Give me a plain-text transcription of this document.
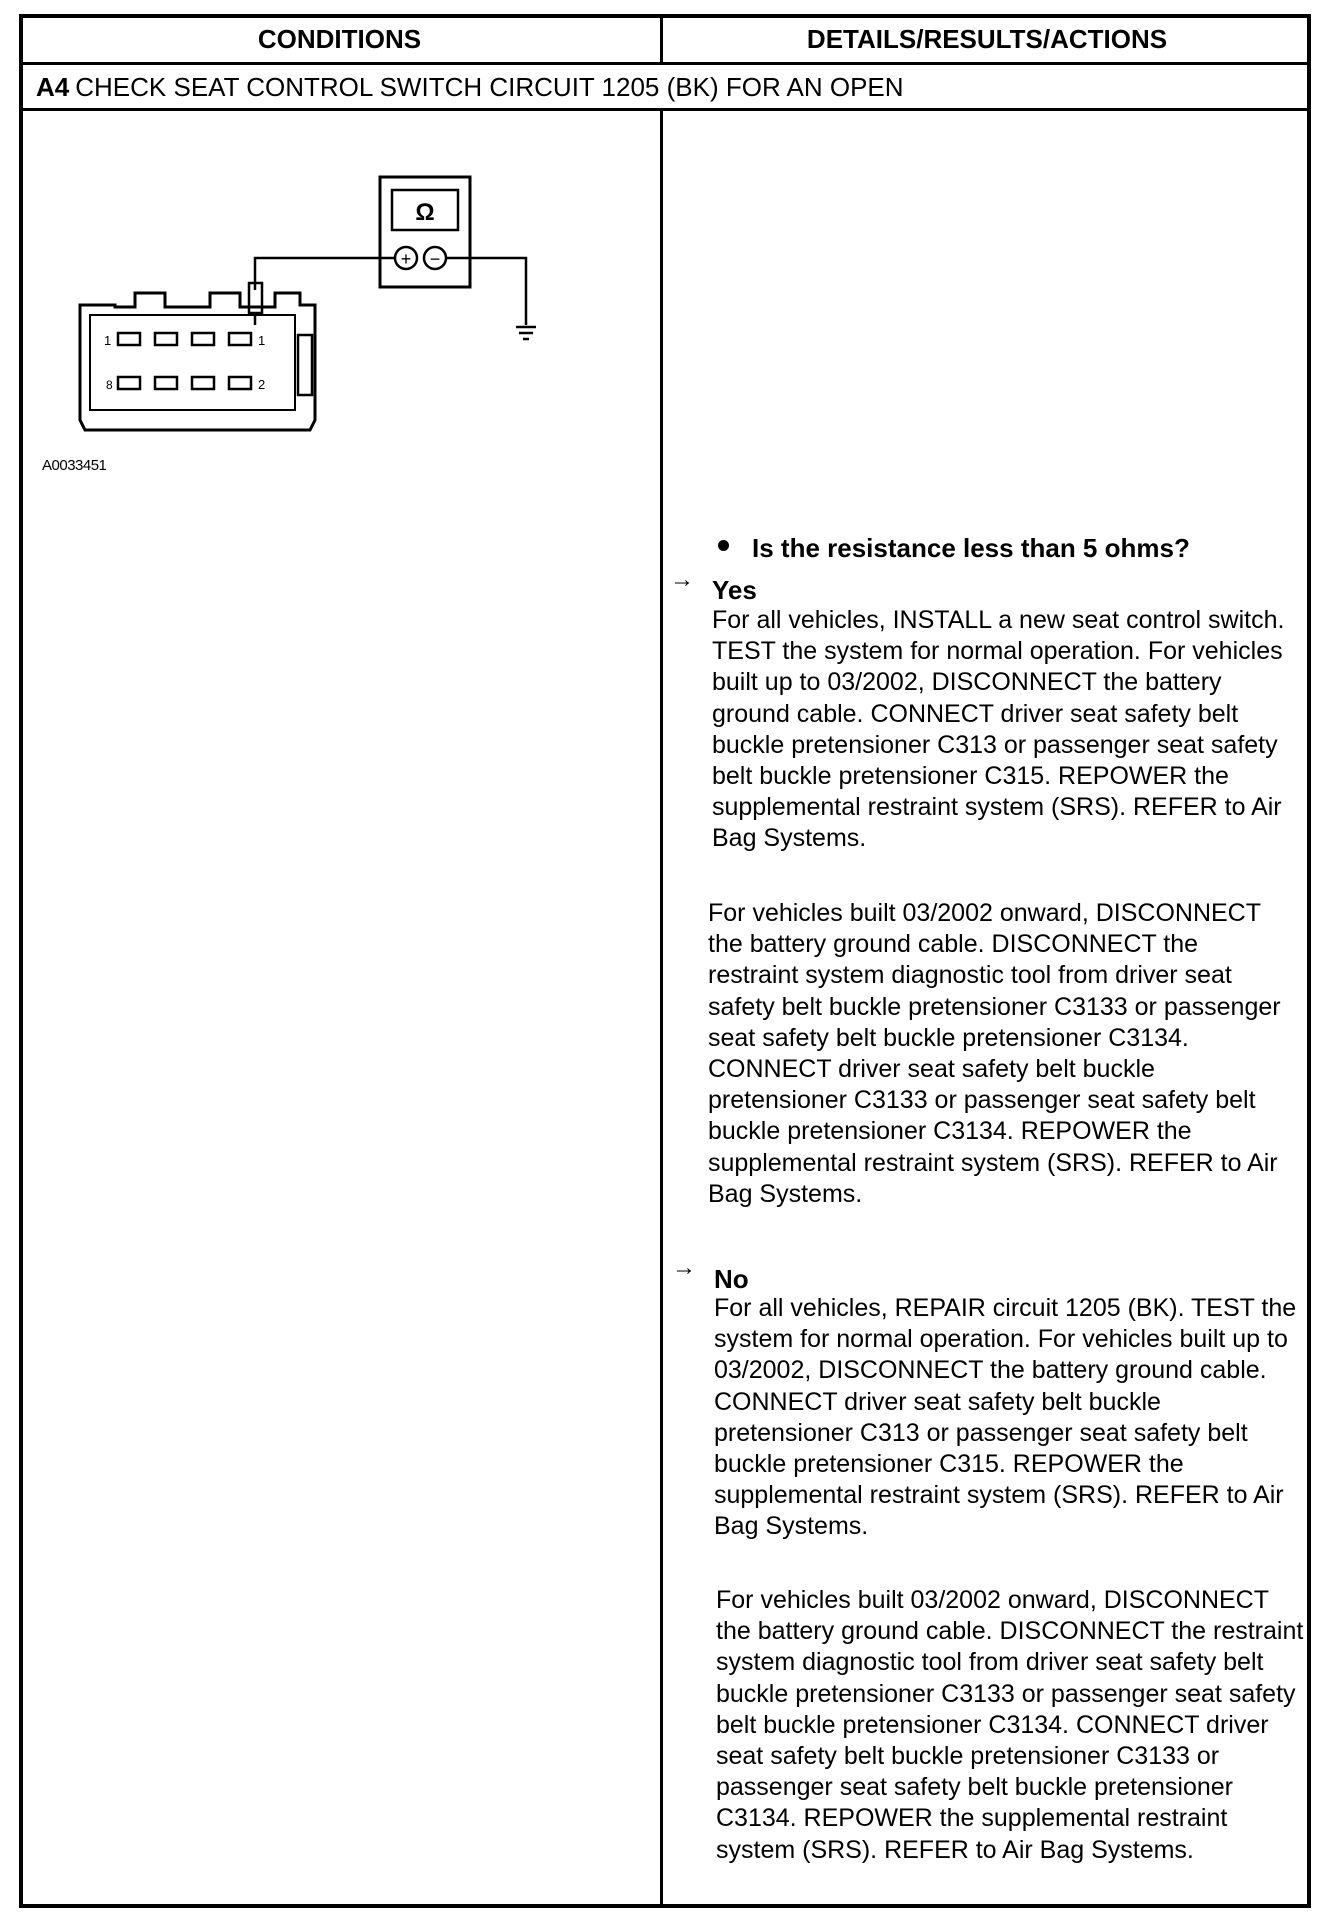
CONDITIONS	DETAILS/RESULTS/ACTIONS
A4 CHECK SEAT CONTROL SWITCH CIRCUIT 1205 (BK) FOR AN OPEN
Ω
+ −
1	1
8	2
A0033451
Is the resistance less than 5 ohms?
→ Yes
For all vehicles, INSTALL a new seat control switch. TEST the system for normal operation. For vehicles built up to 03/2002, DISCONNECT the battery ground cable. CONNECT driver seat safety belt buckle pretensioner C313 or passenger seat safety belt buckle pretensioner C315. REPOWER the supplemental restraint system (SRS). REFER to Air Bag Systems.
For vehicles built 03/2002 onward, DISCONNECT the battery ground cable. DISCONNECT the restraint system diagnostic tool from driver seat safety belt buckle pretensioner C3133 or passenger seat safety belt buckle pretensioner C3134. CONNECT driver seat safety belt buckle pretensioner C3133 or passenger seat safety belt buckle pretensioner C3134. REPOWER the supplemental restraint system (SRS). REFER to Air Bag Systems.
→ No
For all vehicles, REPAIR circuit 1205 (BK). TEST the system for normal operation. For vehicles built up to 03/2002, DISCONNECT the battery ground cable. CONNECT driver seat safety belt buckle pretensioner C313 or passenger seat safety belt buckle pretensioner C315. REPOWER the supplemental restraint system (SRS). REFER to Air Bag Systems.
For vehicles built 03/2002 onward, DISCONNECT the battery ground cable. DISCONNECT the restraint system diagnostic tool from driver seat safety belt buckle pretensioner C3133 or passenger seat safety belt buckle pretensioner C3134. CONNECT driver seat safety belt buckle pretensioner C3133 or passenger seat safety belt buckle pretensioner C3134. REPOWER the supplemental restraint system (SRS). REFER to Air Bag Systems.
